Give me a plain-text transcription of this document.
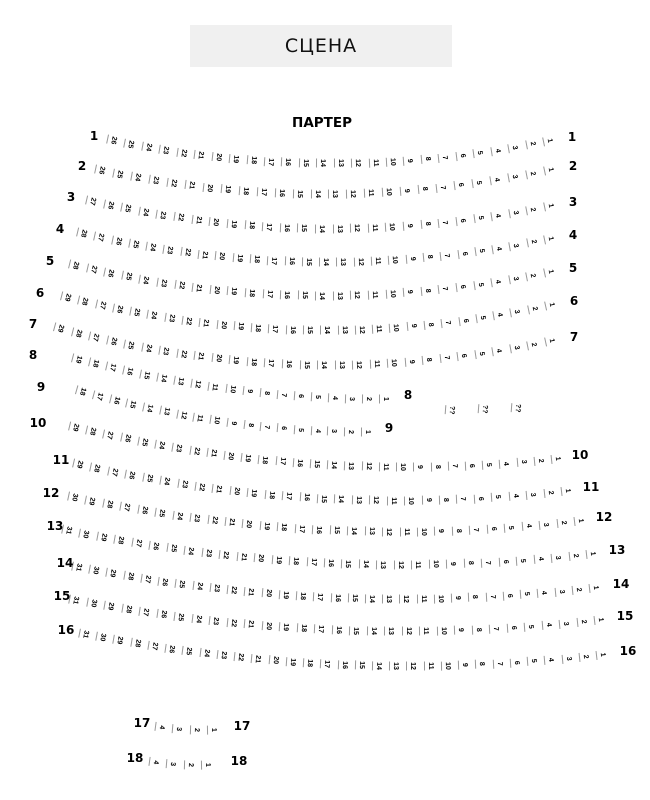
СЦЕНА
ПАРТЕР
26	25	24	23	22	21	20	19	18	17	16	15	14	13	12	11	10	9	8	7	6	5
4
3
2
1
1	1
26	25	24	23	22	21	20	19	18	17	16	15	14	13	12	11	10	9	8	7	6
5
4
3
2
1
2	2
27	26	25	24	23	22	21	20	19	18	17	16	15	14	13	12	11	10	9	8	7	6	5
4
3
2
1
3	3
28	27	26	25	24	23	22	21	20	19	18	17	16	15	14	13	12	11	10	9	8	7	6	5
4
3
2
1
4	4
28	27	26	25	24	23	22	21	20	19	18	17	16	15	14	13	12	11	10	9	8	7	6
5
4
3
2
1
5	5
29	28	27	26	25	24	23	22	21	20	19	18	17	16	15	14	13	12	11	10	9	8	7	6
5
4
3
2
1
6
6
29	28	27	26	25	24	23	22	21	20	19	18	17	16	15	14	13	12	11	10	9	8	7	6
5
4
3
2
1
7
7
19	18	17	16	15	14	13	12	11	10	9	8	7	6	5	4	3	2	1
8
8
18	17	16	15	14	13	12	11	10	9	8	7	6	5	4	3	2	1
9
9
29	28	27	26	25	24	23	22	21	20	19	18	17	16	15	14	13	12	11	10	9	8	7	6	5	4	3	2	1
10
10
29	28	27	26	25	24	23	22	21	20	19	18	17	16	15	14	13	12	11	10	9	8	7	6	5	4	3	2	1
11
11
30	29	28	27	26	25	24	23	22	21	20	19	18	17	16	15	14	13	12	11	10	9	8	7	6	5	4	3	2	1
12
12
31	30	29	28	27	26	25	24	23	22	21	20	19	18	17	16	15	14	13	12	11	10	9	8	7	6	5	4	3	2	1
13
13
31	30	29	28	27	26	25	24	23	22	21	20	19	18	17	16	15	14	13	12	11	10	9	8	7	6	5	4	3	2	1
14
14
31	30	29	28	27	26	25	24	23	22	21	20	19	18	17	16	15	14	13	12	11	10	9	8	7	6	5	4	3	2	1
15
15
31	30	29	28	27	26	25	24	23	22	21	20	19	18	17	16	15	14	13	12	11	10	9	8	7	6	5	4	3	2	1
16
16
4	3	2	1
17	17
4	3	2	1
18	18
??	??	??
